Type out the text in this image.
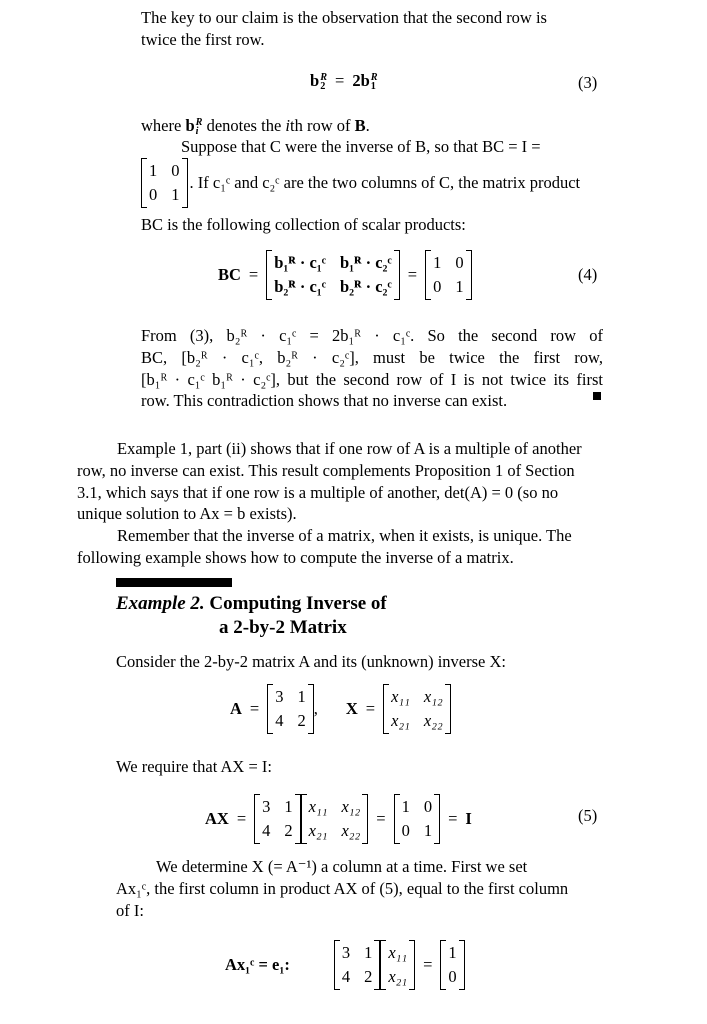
The key to our claim is the observation that the second row is

twice the first row.

b R
2 = 2b R
1	(3)
where b R
i denotes the ith row of B.
Suppose that C were the inverse of B, so that BC = I =
1 0
0 1
. If c₁ᶜ and c₂ᶜ are the two columns of C, the matrix product
BC is the following collection of scalar products:
BC =
b₁ᴿ · c₁ᶜ b₁ᴿ · c₂ᶜ
b₂ᴿ · c₁ᶜ b₂ᴿ · c₂ᶜ
=
1 0
0 1
(4)

From (3), b₂ᴿ · c₁ᶜ = 2b₁ᴿ · c₁ᶜ. So the second row of

BC, [b₂ᴿ · c₁ᶜ, b₂ᴿ · c₂ᶜ], must be twice the first row,

[b₁ᴿ · c₁ᶜ b₁ᴿ · c₂ᶜ], but the second row of I is not twice its first

row. This contradiction shows that no inverse can exist.

Example 1, part (ii) shows that if one row of A is a multiple of another

row, no inverse can exist. This result complements Proposition 1 of Section

3.1, which says that if one row is a multiple of another, det(A) = 0 (so no

unique solution to Ax = b exists).

Remember that the inverse of a matrix, when it exists, is unique. The

following example shows how to compute the inverse of a matrix.

Example 2. Computing Inverse of
a 2-by-2 Matrix
Consider the 2-by-2 matrix A and its (unknown) inverse X:
A =
3 1
4 2
, X =
x₁₁ x₁₂
x₂₁ x₂₂
We require that AX = I:
AX =
3 1
4 2
x₁₁ x₁₂
x₂₁ x₂₂
=
1 0
0 1
= I	(5)

We determine X (= A⁻¹) a column at a time. First we set

Ax₁ᶜ, the first column in product AX of (5), equal to the first column

of I:

Ax₁ᶜ = e₁:
3 1
4 2
x₁₁
x₂₁
=
1
0
